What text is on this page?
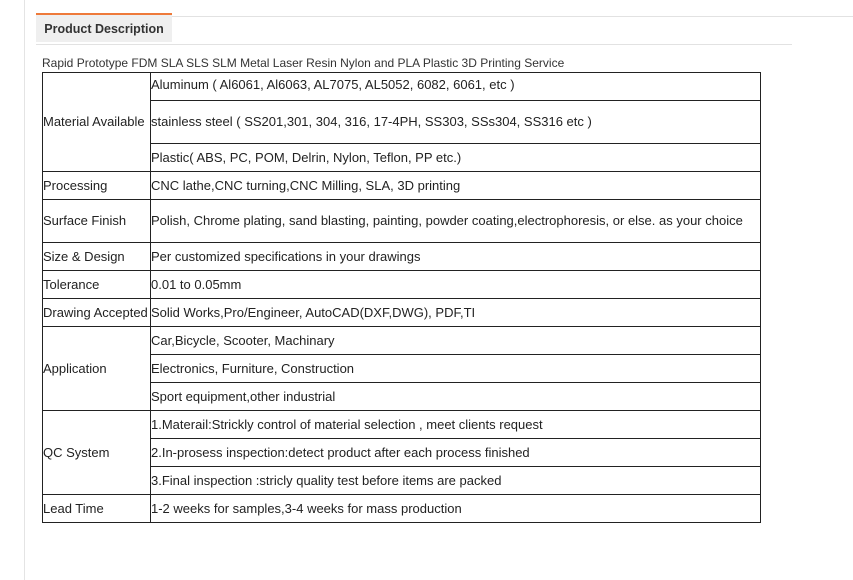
Product Description
Rapid Prototype FDM SLA SLS SLM Metal Laser Resin Nylon and PLA Plastic 3D Printing Service
Material Available	Aluminum ( Al6061, Al6063, AL7075, AL5052, 6082, 6061, etc )
	stainless steel ( SS201,301, 304, 316, 17-4PH, SS303, SSs304, SS316 etc )
	Plastic( ABS, PC, POM, Delrin, Nylon, Teflon, PP etc.)
Processing	CNC lathe,CNC turning,CNC Milling, SLA, 3D printing
Surface Finish	Polish, Chrome plating, sand blasting, painting, powder coating,electrophoresis, or else. as your choice
Size & Design	Per customized specifications in your drawings
Tolerance	0.01 to 0.05mm
Drawing Accepted	Solid Works,Pro/Engineer, AutoCAD(DXF,DWG), PDF,TI
Application	Car,Bicycle, Scooter, Machinary
	Electronics, Furniture, Construction
	Sport equipment,other industrial
QC System	1.Materail:Strickly control of material selection , meet clients request
	2.In-prosess inspection:detect product after each process finished
	3.Final inspection :stricly quality test before items are packed
Lead Time	1-2 weeks for samples,3-4 weeks for mass production
